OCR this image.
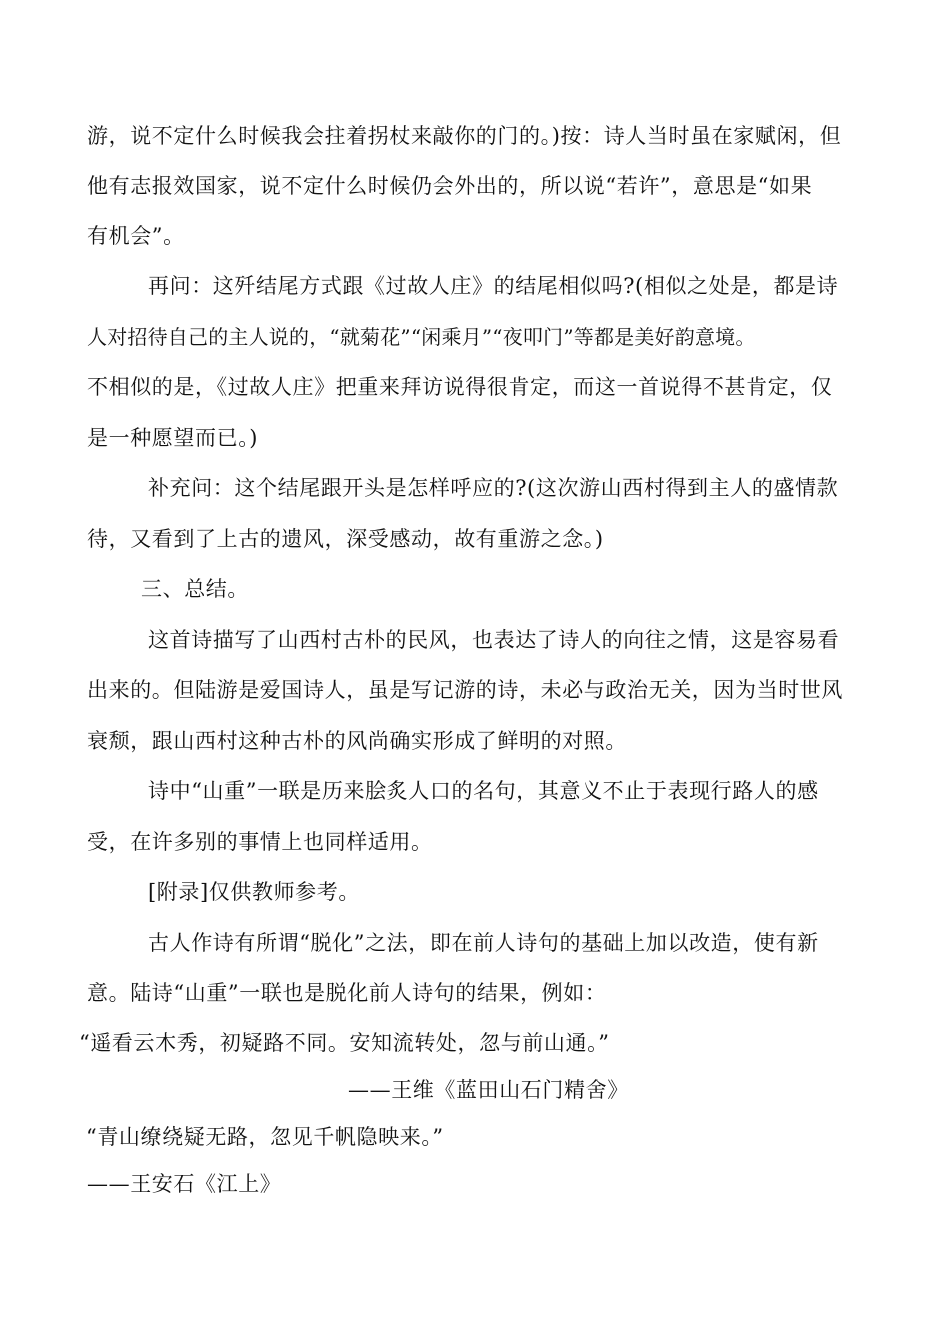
游，说不定什么时候我会拄着拐杖来敲你的门的。)按：诗人当时虽在家赋闲，但
他有志报效国家，说不定什么时候仍会外出的，所以说“若许”，意思是“如果
有机会”。
再问：这歼结尾方式跟《过故人庄》的结尾相似吗?(相似之处是，都是诗
人对招待自己的主人说的，“就菊花”“闲乘月”“夜叩门”等都是美好韵意境。
不相似的是，《过故人庄》把重来拜访说得很肯定，而这一首说得不甚肯定，仅
是一种愿望而已。)
补充问：这个结尾跟开头是怎样呼应的?(这次游山西村得到主人的盛情款
待，又看到了上古的遗风，深受感动，故有重游之念。)
三、总结。
这首诗描写了山西村古朴的民风，也表达了诗人的向往之情，这是容易看
出来的。但陆游是爱国诗人，虽是写记游的诗，未必与政治无关，因为当时世风
衰颓，跟山西村这种古朴的风尚确实形成了鲜明的对照。
诗中“山重”一联是历来脍炙人口的名句，其意义不止于表现行路人的感
受，在许多别的事情上也同样适用。
[附录]仅供教师参考。
古人作诗有所谓“脱化”之法，即在前人诗句的基础上加以改造，使有新
意。陆诗“山重”一联也是脱化前人诗句的结果，例如：
“遥看云木秀，初疑路不同。安知流转处，忽与前山通。”
——王维《蓝田山石门精舍》
“青山缭绕疑无路，忽见千帆隐映来。”
——王安石《江上》
